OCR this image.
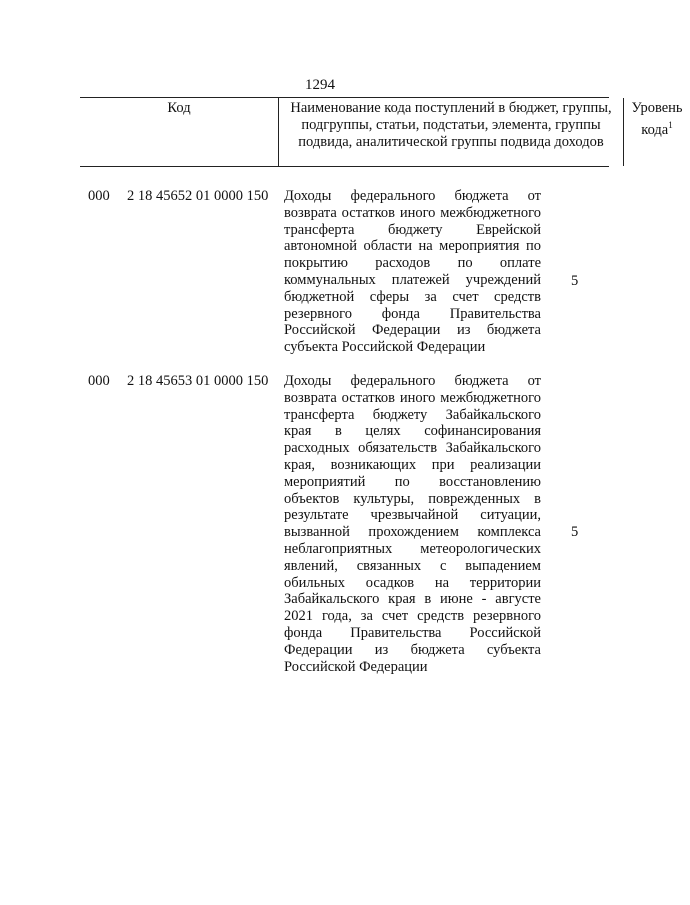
1294
Код	Наименование кода поступлений в бюджет, группы, подгруппы, статьи, подстатьи, элемента, группы подвида, аналитической группы подвида доходов
Уровень кода$^1$
000 2 18 45652 01 0000 150 Доходы федерального бюджета от возврата остатков иного межбюджетного трансферта бюджету Еврейской автономной области на мероприятия по покрытию расходов по оплате коммунальных платежей учреждений бюджетной сферы за счет средств резервного фонда Правительства Российской Федерации из бюджета субъекта Российской Федерации
5
000 2 18 45653 01 0000 150 Доходы федерального бюджета от возврата остатков иного межбюджетного трансферта бюджету Забайкальского края в целях софинансирования расходных обязательств Забайкальского края, возникающих при реализации мероприятий по восстановлению объектов культуры, поврежденных в результате чрезвычайной ситуации, вызванной прохождением комплекса неблагоприятных метеорологических явлений, связанных с выпадением обильных осадков на территории Забайкальского края в июне - августе 2021 года, за счет средств резервного фонда Правительства Российской Федерации из бюджета субъекта Российской Федерации
5
